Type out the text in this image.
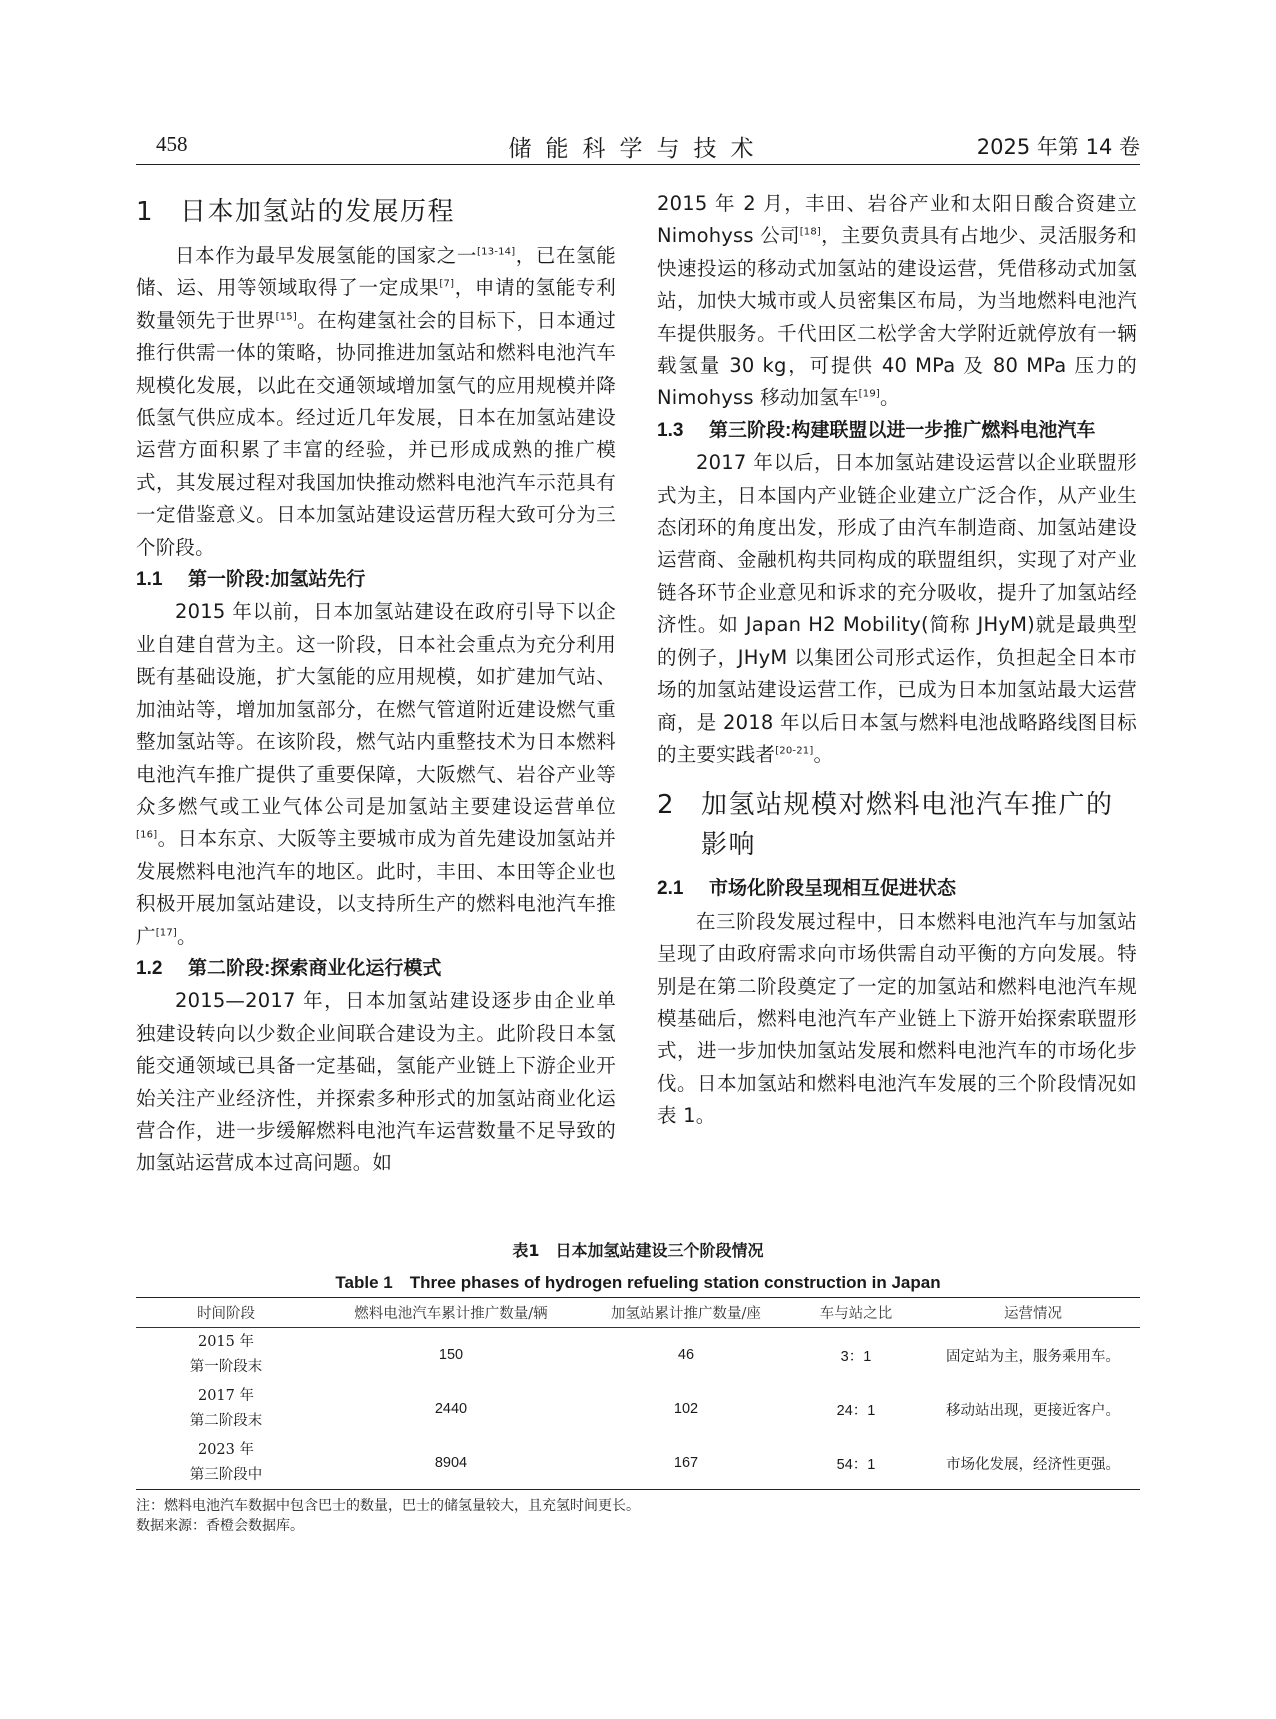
458	储能科学与技术	2025 年第 14 卷
1 日本加氢站的发展历程

日本作为最早发展氢能的国家之一[13-14]，已在氢能储、运、用等领域取得了一定成果[7]，申请的氢能专利数量领先于世界[15]。在构建氢社会的目标下，日本通过推行供需一体的策略，协同推进加氢站和燃料电池汽车规模化发展，以此在交通领域增加氢气的应用规模并降低氢气供应成本。经过近几年发展，日本在加氢站建设运营方面积累了丰富的经验，并已形成成熟的推广模式，其发展过程对我国加快推动燃料电池汽车示范具有一定借鉴意义。日本加氢站建设运营历程大致可分为三个阶段。

1.1 第一阶段:加氢站先行

2015 年以前，日本加氢站建设在政府引导下以企业自建自营为主。这一阶段，日本社会重点为充分利用既有基础设施，扩大氢能的应用规模，如扩建加气站、加油站等，增加加氢部分，在燃气管道附近建设燃气重整加氢站等。在该阶段，燃气站内重整技术为日本燃料电池汽车推广提供了重要保障，大阪燃气、岩谷产业等众多燃气或工业气体公司是加氢站主要建设运营单位[16]。日本东京、大阪等主要城市成为首先建设加氢站并发展燃料电池汽车的地区。此时，丰田、本田等企业也积极开展加氢站建设，以支持所生产的燃料电池汽车推广[17]。

1.2 第二阶段:探索商业化运行模式

2015—2017 年，日本加氢站建设逐步由企业单独建设转向以少数企业间联合建设为主。此阶段日本氢能交通领域已具备一定基础，氢能产业链上下游企业开始关注产业经济性，并探索多种形式的加氢站商业化运营合作，进一步缓解燃料电池汽车运营数量不足导致的加氢站运营成本过高问题。如

2015 年 2 月，丰田、岩谷产业和太阳日酸合资建立 Nimohyss 公司[18]，主要负责具有占地少、灵活服务和快速投运的移动式加氢站的建设运营，凭借移动式加氢站，加快大城市或人员密集区布局，为当地燃料电池汽车提供服务。千代田区二松学舍大学附近就停放有一辆载氢量 30 kg，可提供 40 MPa 及 80 MPa 压力的 Nimohyss 移动加氢车[19]。

1.3 第三阶段:构建联盟以进一步推广燃料电池汽车

2017 年以后，日本加氢站建设运营以企业联盟形式为主，日本国内产业链企业建立广泛合作，从产业生态闭环的角度出发，形成了由汽车制造商、加氢站建设运营商、金融机构共同构成的联盟组织，实现了对产业链各环节企业意见和诉求的充分吸收，提升了加氢站经济性。如 Japan H2 Mobility(简称 JHyM)就是最典型的例子，JHyM 以集团公司形式运作，负担起全日本市场的加氢站建设运营工作，已成为日本加氢站最大运营商，是 2018 年以后日本氢与燃料电池战略路线图目标的主要实践者[20-21]。

2 加氢站规模对燃料电池汽车推广的影响
2.1 市场化阶段呈现相互促进状态

在三阶段发展过程中，日本燃料电池汽车与加氢站呈现了由政府需求向市场供需自动平衡的方向发展。特别是在第二阶段奠定了一定的加氢站和燃料电池汽车规模基础后，燃料电池汽车产业链上下游开始探索联盟形式，进一步加快加氢站发展和燃料电池汽车的市场化步伐。日本加氢站和燃料电池汽车发展的三个阶段情况如表 1。

表1　日本加氢站建设三个阶段情况
Table 1　Three phases of hydrogen refueling station construction in Japan
时间阶段	燃料电池汽车累计推广数量/辆	加氢站累计推广数量/座	车与站之比	运营情况
2015 年
第一阶段末	150	46	3：1	固定站为主，服务乘用车。
2017 年
第二阶段末	2440	102	24：1	移动站出现，更接近客户。
2023 年
第三阶段中	8904	167	54：1	市场化发展，经济性更强。
注：燃料电池汽车数据中包含巴士的数量，巴士的储氢量较大，且充氢时间更长。
数据来源：香橙会数据库。
